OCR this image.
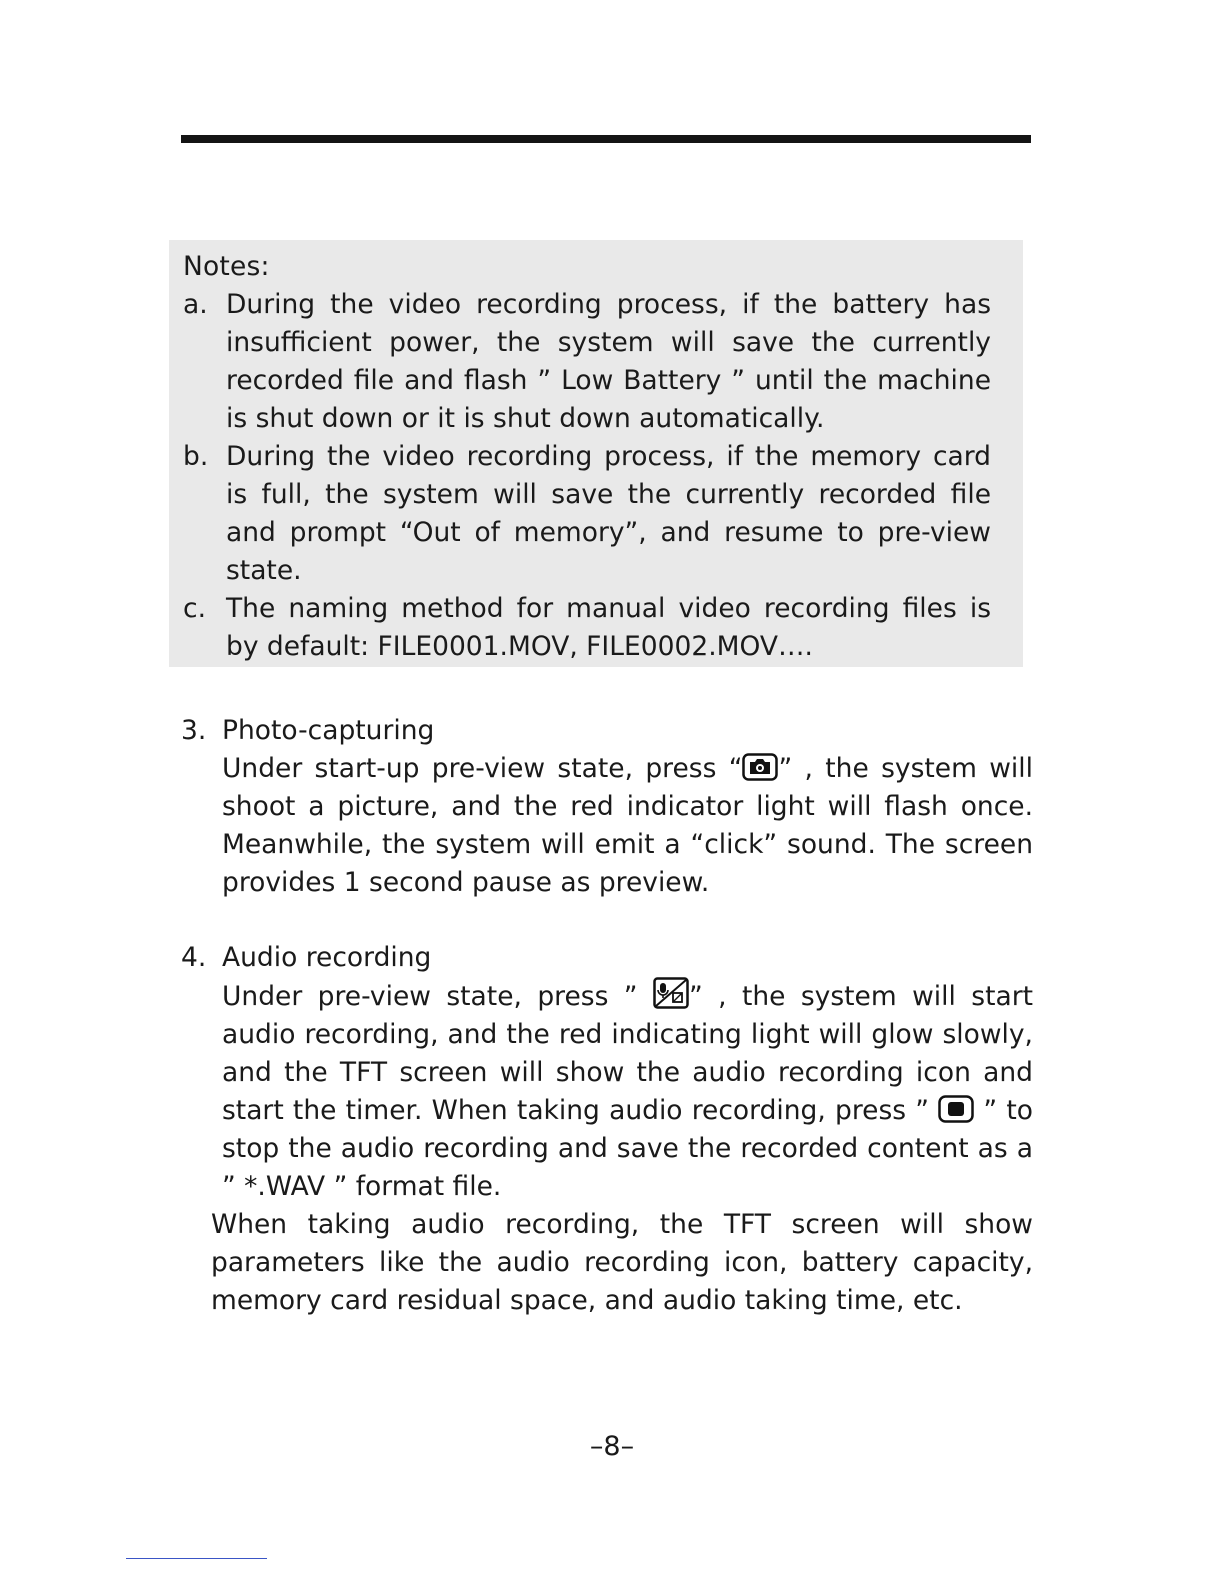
Notes:
a. During the video recording process, if the battery has insufficient power, the system will save the currently recorded file and flash ” Low Battery ” until the machine is shut down or it is shut down automatically.
b. During the video recording process, if the memory card is full, the system will save the currently recorded file and prompt “Out of memory”, and resume to pre-view state.
c. The naming method for manual video recording files is by default: FILE0001.MOV, FILE0002.MOV….
3. Photo-capturing
Under start-up pre-view state, press “ ” , the system will shoot a picture, and the red indicator light will flash once. Meanwhile, the system will emit a “click” sound. The screen provides 1 second pause as preview.
4. Audio recording
Under pre-view state, press ”
” , the system will start audio recording, and the red indicating light will glow slowly, and the TFT screen will show the audio recording icon and start the timer. When taking audio recording, press ”
” to stop the audio recording and save the recorded content as a ” *.WAV ” format file.
When taking audio recording, the TFT screen will show parameters like the audio recording icon, battery capacity, memory card residual space, and audio taking time, etc.
–8–
